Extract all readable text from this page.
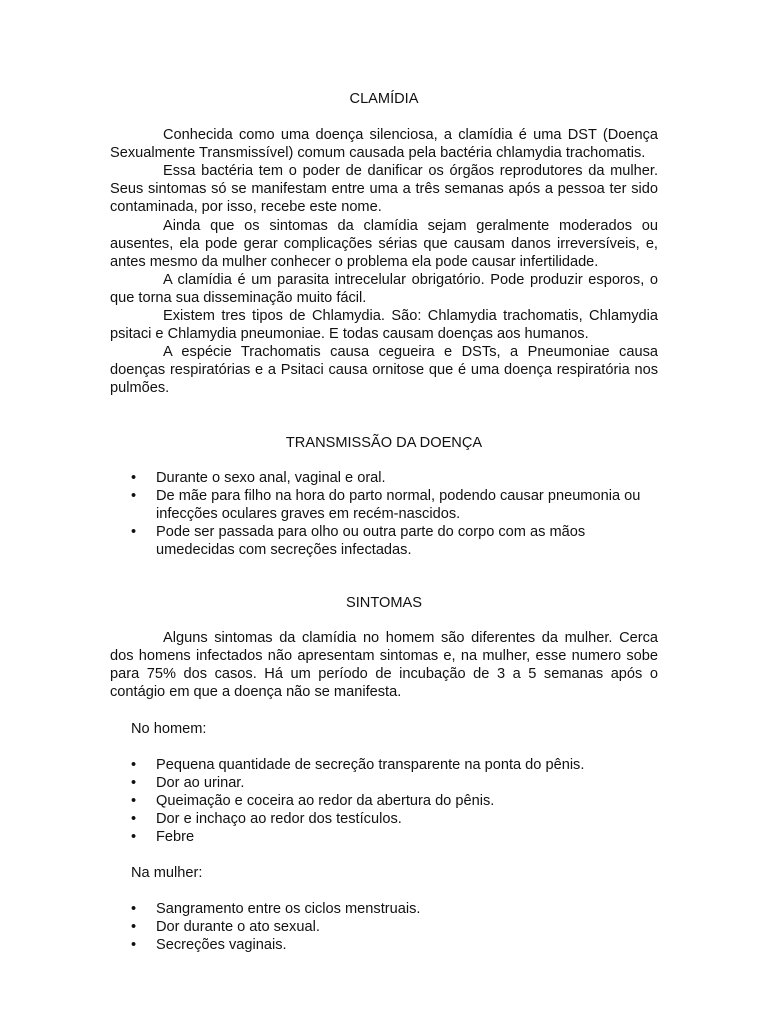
CLAMÍDIA

Conhecida como uma doença silenciosa, a clamídia é uma DST (Doença Sexualmente Transmissível) comum causada pela bactéria chlamydia trachomatis.

Essa bactéria tem o poder de danificar os órgãos reprodutores da mulher. Seus sintomas só se manifestam entre uma a três semanas após a pessoa ter sido contaminada, por isso, recebe este nome.

Ainda que os sintomas da clamídia sejam geralmente moderados ou ausentes, ela pode gerar complicações sérias que causam danos irreversíveis, e, antes mesmo da mulher conhecer o problema ela pode causar infertilidade.

A clamídia é um parasita intrecelular obrigatório. Pode produzir esporos, o que torna sua disseminação muito fácil.

Existem tres tipos de Chlamydia. São: Chlamydia trachomatis, Chlamydia psitaci e Chlamydia pneumoniae. E todas causam doenças aos humanos.

A espécie Trachomatis causa cegueira e DSTs, a Pneumoniae causa doenças respiratórias e a Psitaci causa ornitose que é uma doença respiratória nos pulmões.

TRANSMISSÃO DA DOENÇA
• Durante o sexo anal, vaginal e oral.
• De mãe para filho na hora do parto normal, podendo causar pneumonia ou infecções oculares graves em recém-nascidos.
• Pode ser passada para olho ou outra parte do corpo com as mãos umedecidas com secreções infectadas.
SINTOMAS

Alguns sintomas da clamídia no homem são diferentes da mulher. Cerca dos homens infectados não apresentam sintomas e, na mulher, esse numero sobe para 75% dos casos. Há um período de incubação de 3 a 5 semanas após o contágio em que a doença não se manifesta.

No homem:
• Pequena quantidade de secreção transparente na ponta do pênis.
• Dor ao urinar.
• Queimação e coceira ao redor da abertura do pênis.
• Dor e inchaço ao redor dos testículos.
• Febre
Na mulher:
• Sangramento entre os ciclos menstruais.
• Dor durante o ato sexual.
• Secreções vaginais.
